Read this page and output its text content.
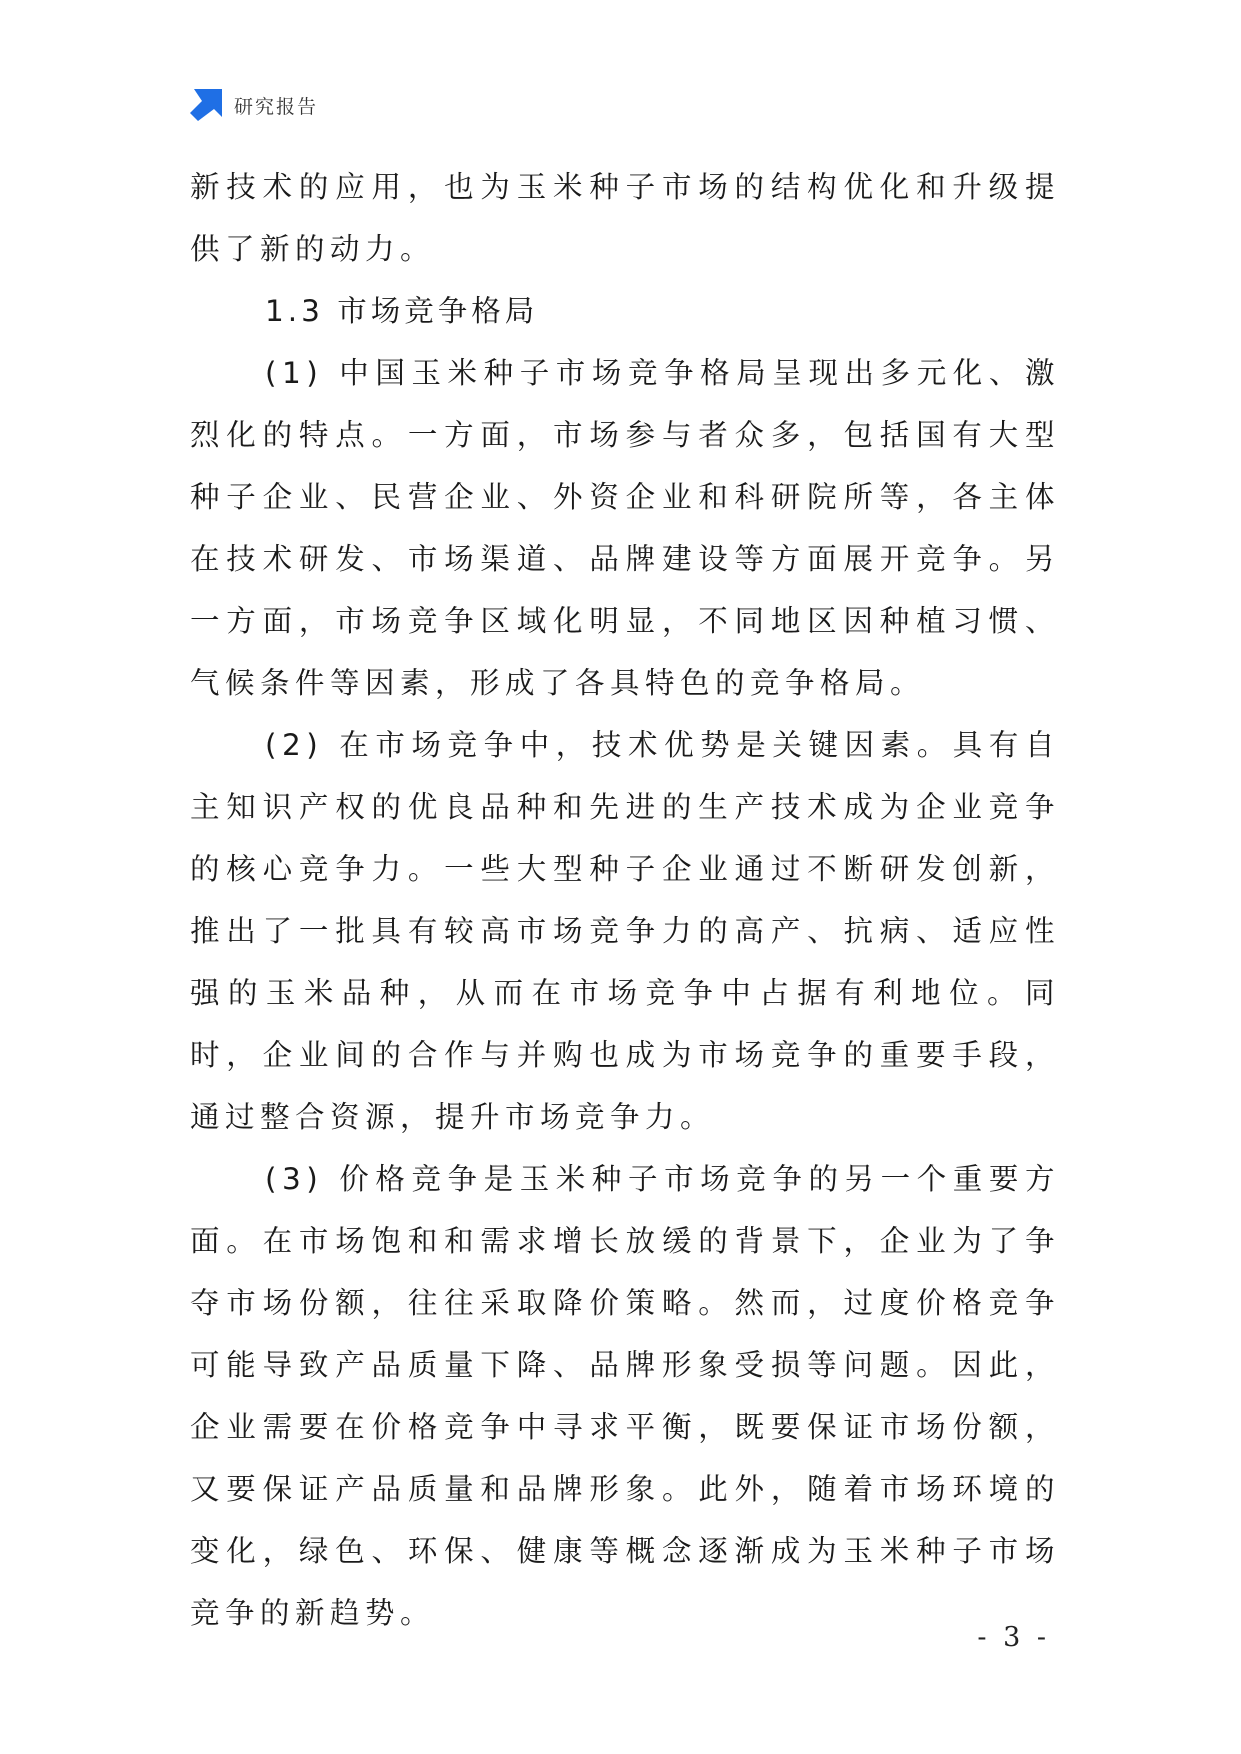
研究报告

新技术的应用，也为玉米种子市场的结构优化和升级提供了新的动力。

1.3 市场竞争格局

(1) 中国玉米种子市场竞争格局呈现出多元化、激烈化的特点。一方面，市场参与者众多，包括国有大型种子企业、民营企业、外资企业和科研院所等，各主体在技术研发、市场渠道、品牌建设等方面展开竞争。另一方面，市场竞争区域化明显，不同地区因种植习惯、气候条件等因素，形成了各具特色的竞争格局。

(2) 在市场竞争中，技术优势是关键因素。具有自主知识产权的优良品种和先进的生产技术成为企业竞争的核心竞争力。一些大型种子企业通过不断研发创新，推出了一批具有较高市场竞争力的高产、抗病、适应性强的玉米品种，从而在市场竞争中占据有利地位。同时，企业间的合作与并购也成为市场竞争的重要手段，通过整合资源，提升市场竞争力。

(3) 价格竞争是玉米种子市场竞争的另一个重要方面。在市场饱和和需求增长放缓的背景下，企业为了争夺市场份额，往往采取降价策略。然而，过度价格竞争可能导致产品质量下降、品牌形象受损等问题。因此，企业需要在价格竞争中寻求平衡，既要保证市场份额，又要保证产品质量和品牌形象。此外，随着市场环境的变化，绿色、环保、健康等概念逐渐成为玉米种子市场竞争的新趋势。

- 3 -
